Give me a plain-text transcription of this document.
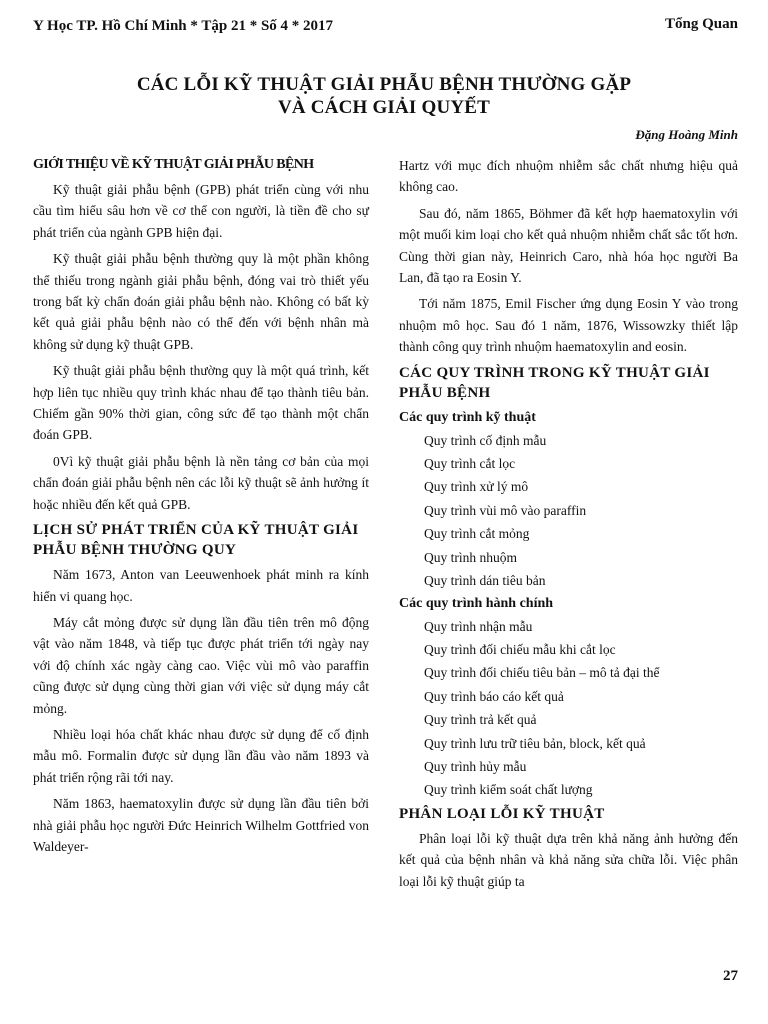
Y Học TP. Hồ Chí Minh * Tập 21 * Số 4 * 2017	Tổng Quan
CÁC LỖI KỸ THUẬT GIẢI PHẪU BỆNH THƯỜNG GẶP
VÀ CÁCH GIẢI QUYẾT
Đặng Hoàng Minh
GIỚI THIỆU VỀ KỸ THUẬT GIẢI PHẪU BỆNH

Kỹ thuật giải phẫu bệnh (GPB) phát triển cùng với nhu cầu tìm hiểu sâu hơn về cơ thể con người, là tiền đề cho sự phát triển của ngành GPB hiện đại.

Kỹ thuật giải phẫu bệnh thường quy là một phần không thể thiếu trong ngành giải phẫu bệnh, đóng vai trò thiết yếu trong bất kỳ chẩn đoán giải phẫu bệnh nào. Không có bất kỳ kết quả giải phẫu bệnh nào có thể đến với bệnh nhân mà không sử dụng kỹ thuật GPB.

Kỹ thuật giải phẫu bệnh thường quy là một quá trình, kết hợp liên tục nhiều quy trình khác nhau để tạo thành tiêu bản. Chiếm gần 90% thời gian, công sức để tạo thành một chẩn đoán GPB.

0Vì kỹ thuật giải phẫu bệnh là nền tảng cơ bản của mọi chẩn đoán giải phẫu bệnh nên các lỗi kỹ thuật sẽ ảnh hưởng ít hoặc nhiều đến kết quả GPB.

LỊCH SỬ PHÁT TRIỂN CỦA KỸ THUẬT GIẢI PHẪU BỆNH THƯỜNG QUY

Năm 1673, Anton van Leeuwenhoek phát minh ra kính hiển vi quang học.

Máy cắt mỏng được sử dụng lần đầu tiên trên mô động vật vào năm 1848, và tiếp tục được phát triển tới ngày nay với độ chính xác ngày càng cao. Việc vùi mô vào paraffin cũng được sử dụng cùng thời gian với việc sử dụng máy cắt mỏng.

Nhiều loại hóa chất khác nhau được sử dụng để cố định mẫu mô. Formalin được sử dụng lần đầu vào năm 1893 và phát triển rộng rãi tới nay.

Năm 1863, haematoxylin được sử dụng lần đầu tiên bởi nhà giải phẫu học người Đức Heinrich Wilhelm Gottfried von Waldeyer-

Hartz với mục đích nhuộm nhiễm sắc chất nhưng hiệu quả không cao.

Sau đó, năm 1865, Böhmer đã kết hợp haematoxylin với một muối kim loại cho kết quả nhuộm nhiễm chất sắc tốt hơn. Cùng thời gian này, Heinrich Caro, nhà hóa học người Ba Lan, đã tạo ra Eosin Y.

Tới năm 1875, Emil Fischer ứng dụng Eosin Y vào trong nhuộm mô học. Sau đó 1 năm, 1876, Wissowzky thiết lập thành công quy trình nhuộm haematoxylin and eosin.

CÁC QUY TRÌNH TRONG KỸ THUẬT GIẢI PHẪU BỆNH
Các quy trình kỹ thuật
Quy trình cố định mẫu
Quy trình cắt lọc
Quy trình xử lý mô
Quy trình vùi mô vào paraffin
Quy trình cắt mỏng
Quy trình nhuộm
Quy trình dán tiêu bản
Các quy trình hành chính
Quy trình nhận mẫu
Quy trình đối chiếu mẫu khi cắt lọc
Quy trình đối chiếu tiêu bản – mô tả đại thể
Quy trình báo cáo kết quả
Quy trình trả kết quả
Quy trình lưu trữ tiêu bản, block, kết quả
Quy trình hủy mẫu
Quy trình kiểm soát chất lượng
PHÂN LOẠI LỖI KỸ THUẬT

Phân loại lỗi kỹ thuật dựa trên khả năng ảnh hưởng đến kết quả của bệnh nhân và khả năng sửa chữa lỗi. Việc phân loại lỗi kỹ thuật giúp ta

27
